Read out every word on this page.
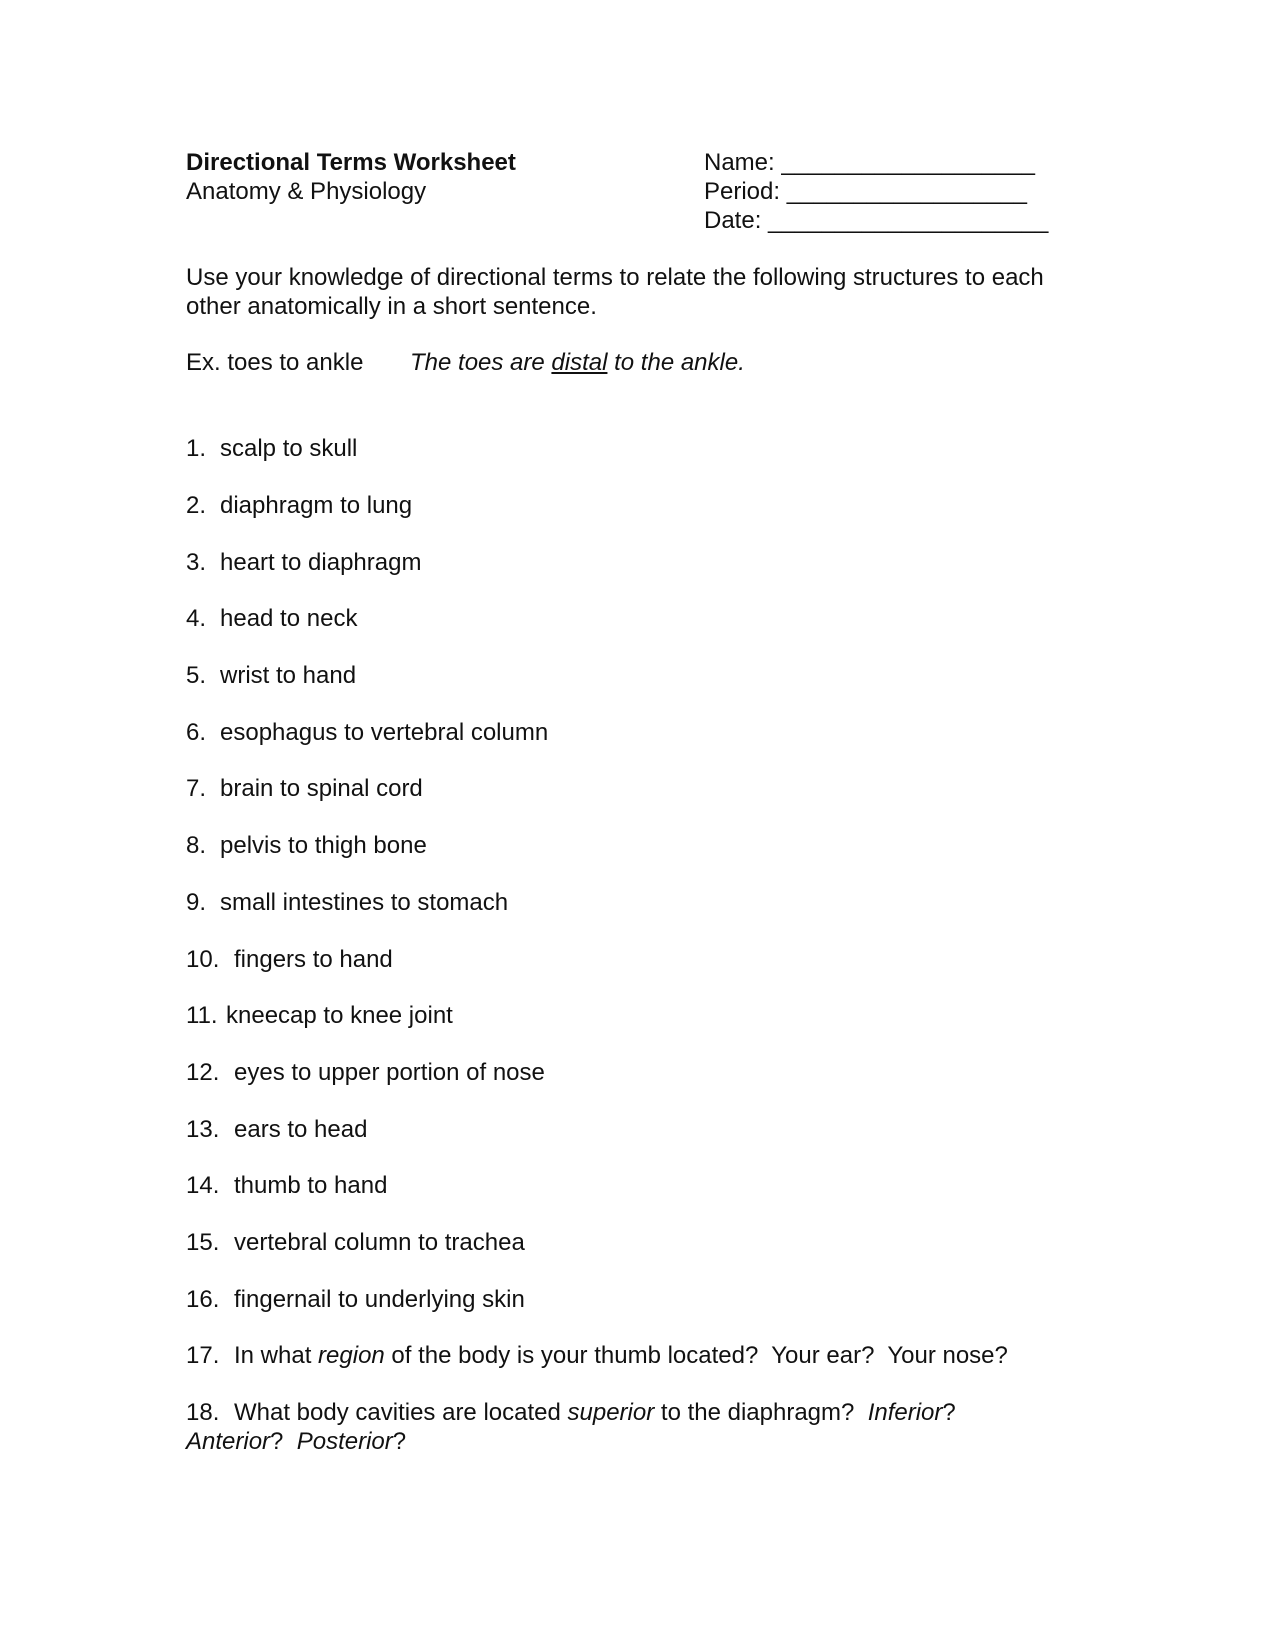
Directional Terms Worksheet
Anatomy & Physiology
Name: ___________________
Period: __________________
Date: _____________________
Use your knowledge of directional terms to relate the following structures to each
other anatomically in a short sentence.
Ex. toes to ankle The toes are distal to the ankle.
1. scalp to skull
2. diaphragm to lung
3. heart to diaphragm
4. head to neck
5. wrist to hand
6. esophagus to vertebral column
7. brain to spinal cord
8. pelvis to thigh bone
9. small intestines to stomach
10. fingers to hand
11. kneecap to knee joint
12. eyes to upper portion of nose
13. ears to head
14. thumb to hand
15. vertebral column to trachea
16. fingernail to underlying skin
17. In what region of the body is your thumb located?  Your ear?  Your nose?
18. What body cavities are located superior to the diaphragm?  Inferior?
Anterior?  Posterior?
